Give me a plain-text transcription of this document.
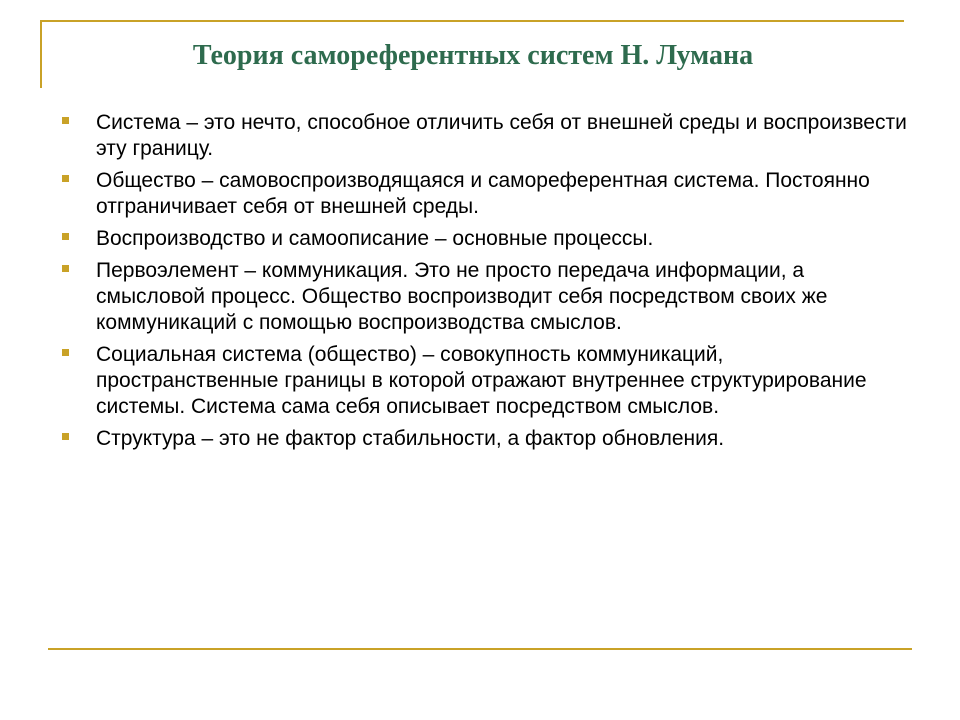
Теория самореферентных систем Н. Лумана
Система – это нечто, способное отличить себя от внешней среды и воспроизвести эту границу.
Общество – самовоспроизводящаяся и самореферентная система. Постоянно отграничивает себя от внешней среды.
Воспроизводство и самоописание – основные процессы.
Первоэлемент – коммуникация. Это не просто передача информации, а смысловой процесс. Общество воспроизводит себя посредством своих же коммуникаций с помощью воспроизводства смыслов.
Социальная система (общество) – совокупность коммуникаций, пространственные границы в которой отражают внутреннее структурирование системы. Система сама себя описывает посредством смыслов.
Структура – это не фактор стабильности, а фактор обновления.
